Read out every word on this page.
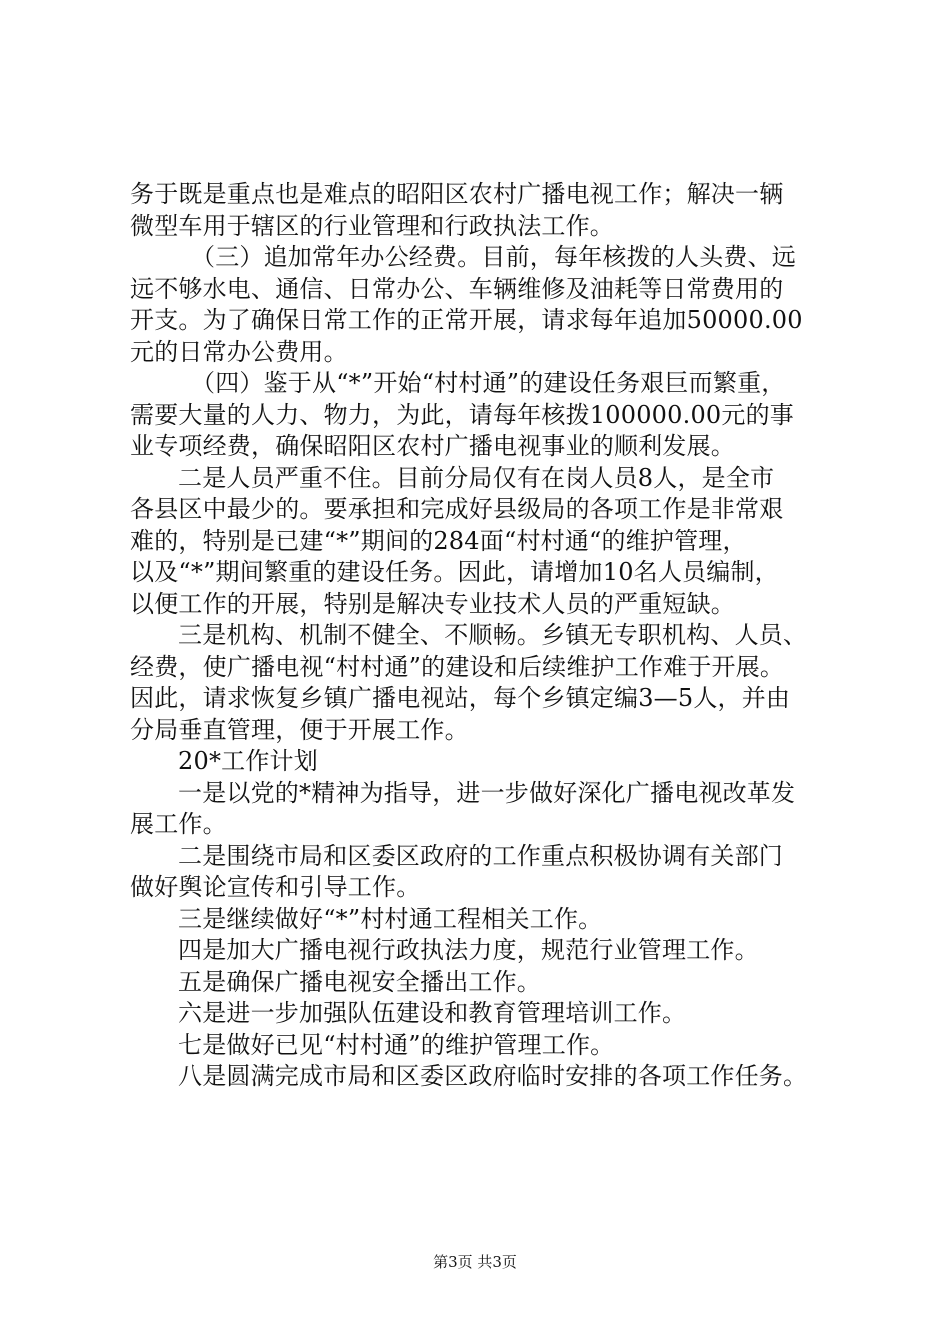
务于既是重点也是难点的昭阳区农村广播电视工作；解决一辆
微型车用于辖区的行业管理和行政执法工作。
（三）追加常年办公经费。目前，每年核拨的人头费、远
远不够水电、通信、日常办公、车辆维修及油耗等日常费用的
开支。为了确保日常工作的正常开展，请求每年追加50000.00
元的日常办公费用。
（四）鉴于从“*”开始“村村通”的建设任务艰巨而繁重，
需要大量的人力、物力，为此，请每年核拨100000.00元的事
业专项经费，确保昭阳区农村广播电视事业的顺利发展。
二是人员严重不住。目前分局仅有在岗人员8人，是全市
各县区中最少的。要承担和完成好县级局的各项工作是非常艰
难的，特别是已建“*”期间的284面“村村通“的维护管理，
以及“*”期间繁重的建设任务。因此，请增加10名人员编制，
以便工作的开展，特别是解决专业技术人员的严重短缺。
三是机构、机制不健全、不顺畅。乡镇无专职机构、人员、
经费，使广播电视“村村通”的建设和后续维护工作难于开展。
因此，请求恢复乡镇广播电视站，每个乡镇定编3—5人，并由
分局垂直管理，便于开展工作。
20*工作计划
一是以党的*精神为指导，进一步做好深化广播电视改革发
展工作。
二是围绕市局和区委区政府的工作重点积极协调有关部门
做好舆论宣传和引导工作。
三是继续做好“*”村村通工程相关工作。
四是加大广播电视行政执法力度，规范行业管理工作。
五是确保广播电视安全播出工作。
六是进一步加强队伍建设和教育管理培训工作。
七是做好已见“村村通”的维护管理工作。
八是圆满完成市局和区委区政府临时安排的各项工作任务。
第3页 共3页
